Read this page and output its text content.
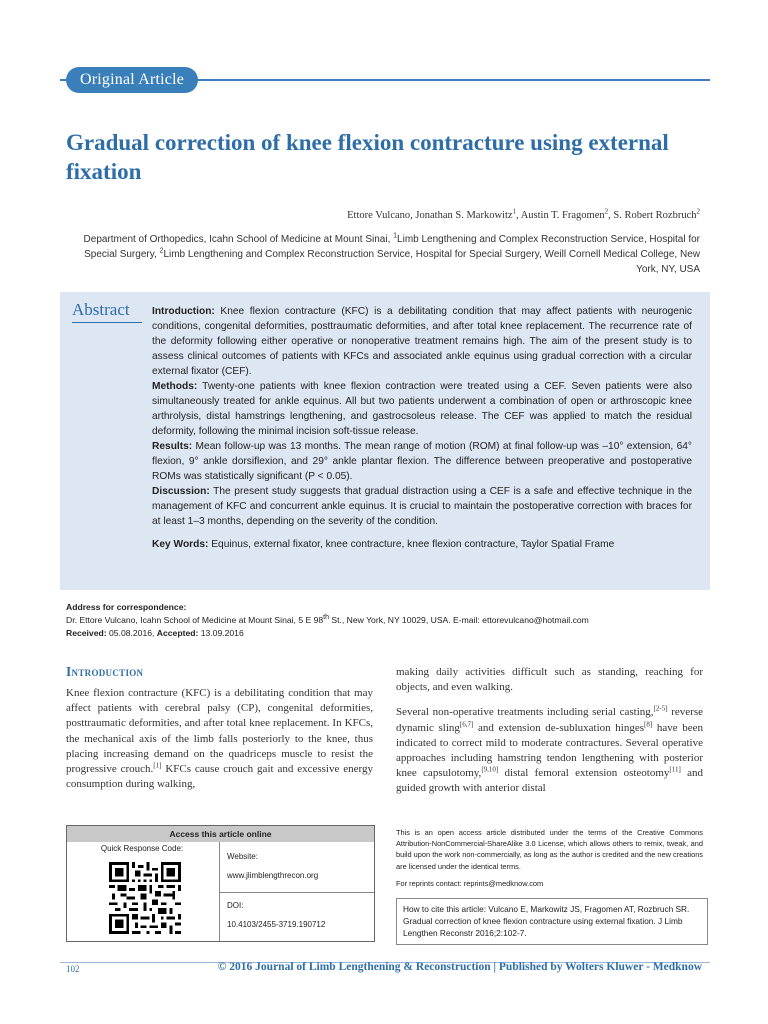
Original Article
Gradual correction of knee flexion contracture using external fixation
Ettore Vulcano, Jonathan S. Markowitz$^1$, Austin T. Fragomen$^2$, S. Robert Rozbruch$^2$
Department of Orthopedics, Icahn School of Medicine at Mount Sinai, $^1$Limb Lengthening and Complex Reconstruction Service, Hospital for Special Surgery, $^2$Limb Lengthening and Complex Reconstruction Service, Hospital for Special Surgery, Weill Cornell Medical College, New York, NY, USA
Abstract Introduction: Knee flexion contracture (KFC) is a debilitating condition that may affect patients with neurogenic conditions, congenital deformities, posttraumatic deformities, and after total knee replacement. The recurrence rate of the deformity following either operative or nonoperative treatment remains high. The aim of the present study is to assess clinical outcomes of patients with KFCs and associated ankle equinus using gradual correction with a circular external fixator (CEF).

Methods: Twenty-one patients with knee flexion contraction were treated using a CEF. Seven patients were also simultaneously treated for ankle equinus. All but two patients underwent a combination of open or arthroscopic knee arthrolysis, distal hamstrings lengthening, and gastrocsoleus release. The CEF was applied to match the residual deformity, following the minimal incision soft-tissue release.

Results: Mean follow-up was 13 months. The mean range of motion (ROM) at final follow-up was –10° extension, 64° flexion, 9° ankle dorsiflexion, and 29° ankle plantar flexion. The difference between preoperative and postoperative ROMs was statistically significant (P < 0.05).

Discussion: The present study suggests that gradual distraction using a CEF is a safe and effective technique in the management of KFC and concurrent ankle equinus. It is crucial to maintain the postoperative correction with braces for at least 1–3 months, depending on the severity of the condition.

Key Words: Equinus, external fixator, knee contracture, knee flexion contracture, Taylor Spatial Frame

Address for correspondence:
Dr. Ettore Vulcano, Icahn School of Medicine at Mount Sinai, 5 E 98th St., New York, NY 10029, USA. E-mail: ettorevulcano@hotmail.com
Received: 05.08.2016, Accepted: 13.09.2016
Introduction

Knee flexion contracture (KFC) is a debilitating condition that may affect patients with cerebral palsy (CP), congenital deformities, posttraumatic deformities, and after total knee replacement. In KFCs, the mechanical axis of the limb falls posteriorly to the knee, thus placing increasing demand on the quadriceps muscle to resist the progressive crouch.[1] KFCs cause crouch gait and excessive energy consumption during walking,

making daily activities difficult such as standing, reaching for objects, and even walking.

Several non-operative treatments including serial casting,[2-5] reverse dynamic sling[6,7] and extension de-subluxation hinges[8] have been indicated to correct mild to moderate contractures. Several operative approaches including hamstring tendon lengthening with posterior knee capsulotomy,[9,10] distal femoral extension osteotomy[11] and guided growth with anterior distal

Access this article online
Quick Response Code:
Website:
www.jlimblengthrecon.org
DOI:
10.4103/2455-3719.190712

This is an open access article distributed under the terms of the Creative Commons Attribution-NonCommercial-ShareAlike 3.0 License, which allows others to remix, tweak, and build upon the work non-commercially, as long as the author is credited and the new creations are licensed under the identical terms.

For reprints contact: reprints@medknow.com

How to cite this article: Vulcano E, Markowitz JS, Fragomen AT, Rozbruch SR. Gradual correction of knee flexion contracture using external fixation. J Limb Lengthen Reconstr 2016;2:102-7.
102	© 2016 Journal of Limb Lengthening & Reconstruction | Published by Wolters Kluwer - Medknow
